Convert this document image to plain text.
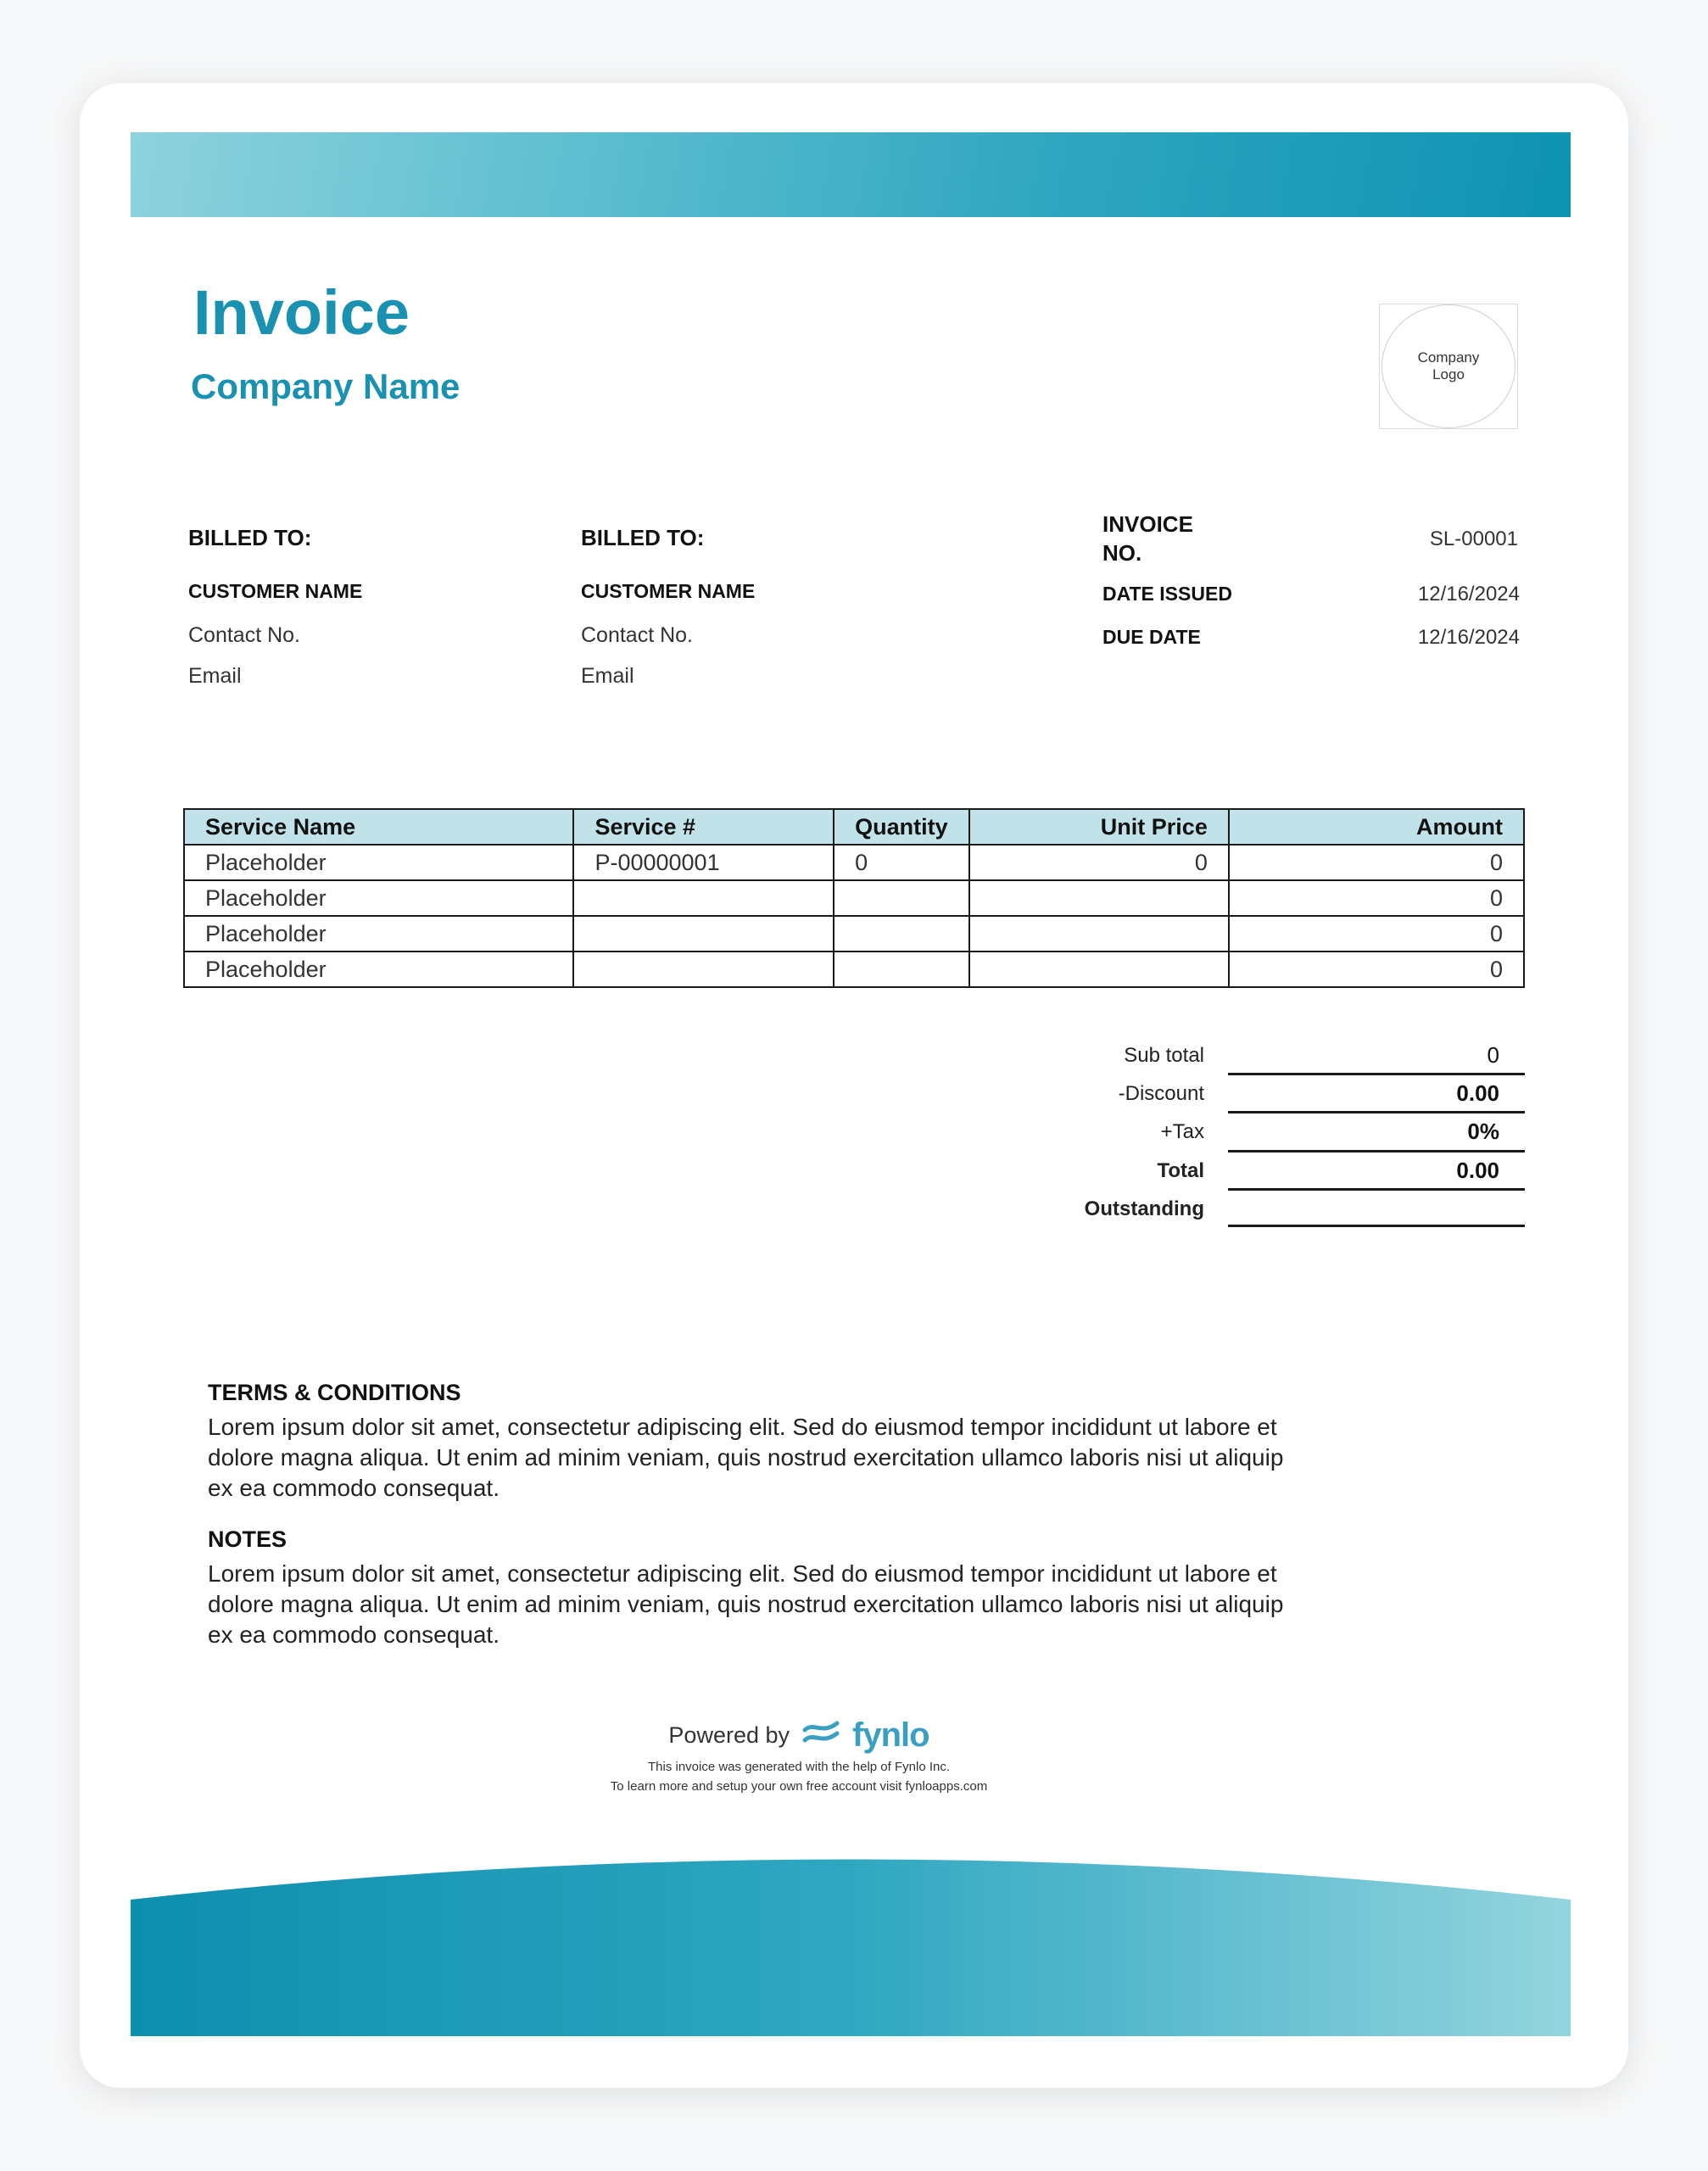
Invoice
Company Name
Company
Logo
BILLED TO:
CUSTOMER NAME
Contact No.
Email
BILLED TO:
CUSTOMER NAME
Contact No.
Email
INVOICE
NO.
SL-00001
DATE ISSUED	12/16/2024
DUE DATE	12/16/2024
Service Name	Service #	Quantity	Unit Price	Amount
Placeholder	P-00000001	0	0	0
Placeholder				0
Placeholder				0
Placeholder				0
Sub total	0
-Discount	0.00
+Tax	0%
Total	0.00
Outstanding
TERMS & CONDITIONS
Lorem ipsum dolor sit amet, consectetur adipiscing elit. Sed do eiusmod tempor incididunt ut labore et
dolore magna aliqua. Ut enim ad minim veniam, quis nostrud exercitation ullamco laboris nisi ut aliquip
ex ea commodo consequat.
NOTES
Lorem ipsum dolor sit amet, consectetur adipiscing elit. Sed do eiusmod tempor incididunt ut labore et
dolore magna aliqua. Ut enim ad minim veniam, quis nostrud exercitation ullamco laboris nisi ut aliquip
ex ea commodo consequat.
Powered by fynlo
This invoice was generated with the help of Fynlo Inc.
To learn more and setup your own free account visit fynloapps.com
